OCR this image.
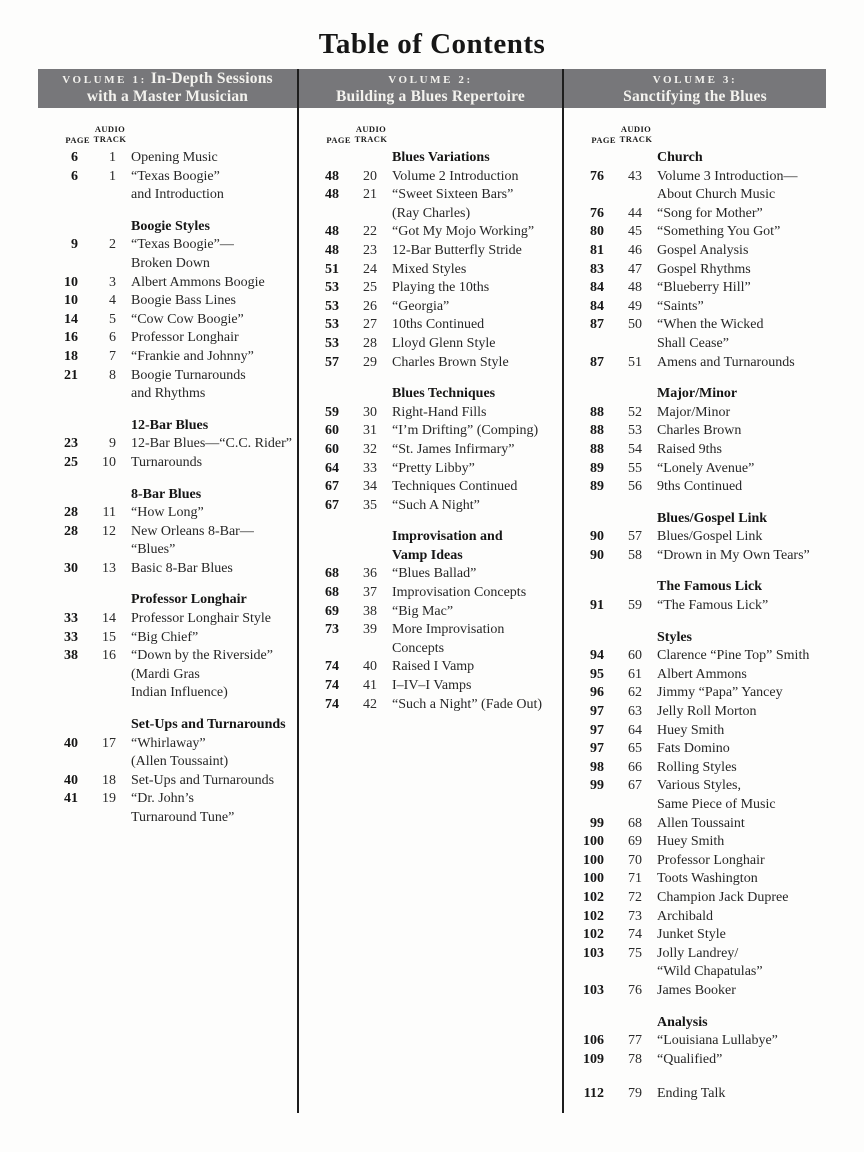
Table of Contents
VOLUME 1: In-Depth Sessions
with a Master Musician
PAGE
AUDIO
TRACK
6	1 Opening Music
6	1 “Texas Boogie”
and Introduction
Boogie Styles
9	2 “Texas Boogie”—
Broken Down
10	3 Albert Ammons Boogie
10	4 Boogie Bass Lines
14	5 “Cow Cow Boogie”
16	6 Professor Longhair
18	7 “Frankie and Johnny”
21	8 Boogie Turnarounds
and Rhythms
12-Bar Blues
23	9 12-Bar Blues—“C.C. Rider”
25	10 Turnarounds
8-Bar Blues
28	11 “How Long”
28	12 New Orleans 8-Bar—
“Blues”
30	13 Basic 8-Bar Blues
Professor Longhair
33	14 Professor Longhair Style
33	15 “Big Chief”
38	16 “Down by the Riverside”
(Mardi Gras
Indian Influence)
Set-Ups and Turnarounds
40	17 “Whirlaway”
(Allen Toussaint)
40	18 Set-Ups and Turnarounds
41	19 “Dr. John’s
Turnaround Tune”
VOLUME 2:
Building a Blues Repertoire
PAGE
AUDIO
TRACK
Blues Variations
48	20 Volume 2 Introduction
48	21 “Sweet Sixteen Bars”
(Ray Charles)
48	22 “Got My Mojo Working”
48	23 12-Bar Butterfly Stride
51	24 Mixed Styles
53	25 Playing the 10ths
53	26 “Georgia”
53	27 10ths Continued
53	28 Lloyd Glenn Style
57	29 Charles Brown Style
Blues Techniques
59	30 Right-Hand Fills
60	31 “I’m Drifting” (Comping)
60	32 “St. James Infirmary”
64	33 “Pretty Libby”
67	34 Techniques Continued
67	35 “Such A Night”
Improvisation and
Vamp Ideas
68	36 “Blues Ballad”
68	37 Improvisation Concepts
69	38 “Big Mac”
73	39 More Improvisation
Concepts
74	40 Raised I Vamp
74	41 I–IV–I Vamps
74	42 “Such a Night” (Fade Out)
VOLUME 3:
Sanctifying the Blues
PAGE
AUDIO
TRACK
Church
76	43 Volume 3 Introduction—
About Church Music
76	44 “Song for Mother”
80	45 “Something You Got”
81	46 Gospel Analysis
83	47 Gospel Rhythms
84	48 “Blueberry Hill”
84	49 “Saints”
87	50 “When the Wicked
Shall Cease”
87	51 Amens and Turnarounds
Major/Minor
88	52 Major/Minor
88	53 Charles Brown
88	54 Raised 9ths
89	55 “Lonely Avenue”
89	56 9ths Continued
Blues/Gospel Link
90	57 Blues/Gospel Link
90	58 “Drown in My Own Tears”
The Famous Lick
91	59 “The Famous Lick”
Styles
94	60 Clarence “Pine Top” Smith
95	61 Albert Ammons
96	62 Jimmy “Papa” Yancey
97	63 Jelly Roll Morton
97	64 Huey Smith
97	65 Fats Domino
98	66 Rolling Styles
99	67 Various Styles,
Same Piece of Music
99	68 Allen Toussaint
100	69 Huey Smith
100	70 Professor Longhair
100	71 Toots Washington
102	72 Champion Jack Dupree
102	73 Archibald
102	74 Junket Style
103	75 Jolly Landrey/
“Wild Chapatulas”
103	76 James Booker
Analysis
106	77 “Louisiana Lullabye”
109	78 “Qualified”
112	79 Ending Talk
